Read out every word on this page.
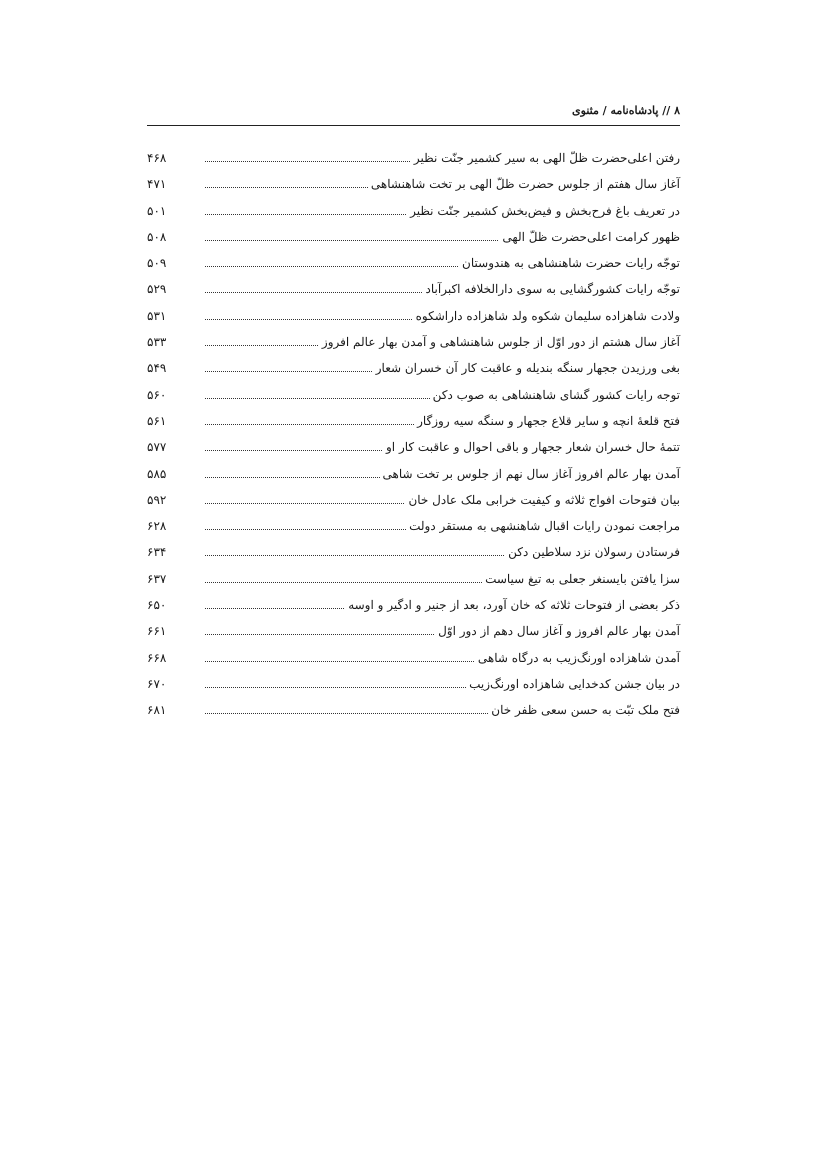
۸ // پادشاه‌نامه / مثنوی
رفتن اعلی‌حضرت ظلّ الهی به سیر کشمیر جنّت نظیر
۴۶۸
آغاز سال هفتم از جلوس حضرت ظلّ الهی بر تخت شاهنشاهی
۴۷۱
در تعریف باغ فرح‌بخش و فیض‌بخش کشمیر جنّت نظیر
۵۰۱
ظهور کرامت اعلی‌حضرت ظلّ الهی
۵۰۸
توجّه رایات حضرت شاهنشاهی به هندوستان
۵۰۹
توجّه رایات کشورگشایی به سوی دارالخلافه اکبرآباد
۵۲۹
ولادت شاهزاده سلیمان شکوه ولد شاهزاده داراشکوه
۵۳۱
آغاز سال هشتم از دور اوّل از جلوس شاهنشاهی و آمدن بهار عالم افروز
۵۳۳
بغی ورزیدن ججهار سنگه بندیله و عاقبت کار آن خسران شعار
۵۴۹
توجه رایات کشور گشای شاهنشاهی به صوب دکن
۵۶۰
فتح قلعهٔ انچه و سایر قلاع ججهار و سنگه سیه روزگار
۵۶۱
تتمهٔ حال خسران شعار ججهار و باقی احوال و عاقبت کار او
۵۷۷
آمدن بهار عالم افروز آغاز سال نهم از جلوس بر تخت شاهی
۵۸۵
بیان فتوحات افواج ثلاثه و کیفیت خرابی ملک عادل خان
۵۹۲
مراجعت نمودن رایات اقبال شاهنشهی به مستقر دولت
۶۲۸
فرستادن رسولان نزد سلاطین دکن
۶۳۴
سزا یافتن بایسنغر جعلی به تیغ سیاست
۶۳۷
ذکر بعضی از فتوحات ثلاثه که خان آورد، بعد از جنیر و ادگیر و اوسه
۶۵۰
آمدن بهار عالم افروز و آغاز سال دهم از دور اوّل
۶۶۱
آمدن شاهزاده اورنگ‌زیب به درگاه شاهی
۶۶۸
در بیان جشن کدخدایی شاهزاده اورنگ‌زیب
۶۷۰
فتح ملک تبّت به حسن سعی ظفر خان
۶۸۱
